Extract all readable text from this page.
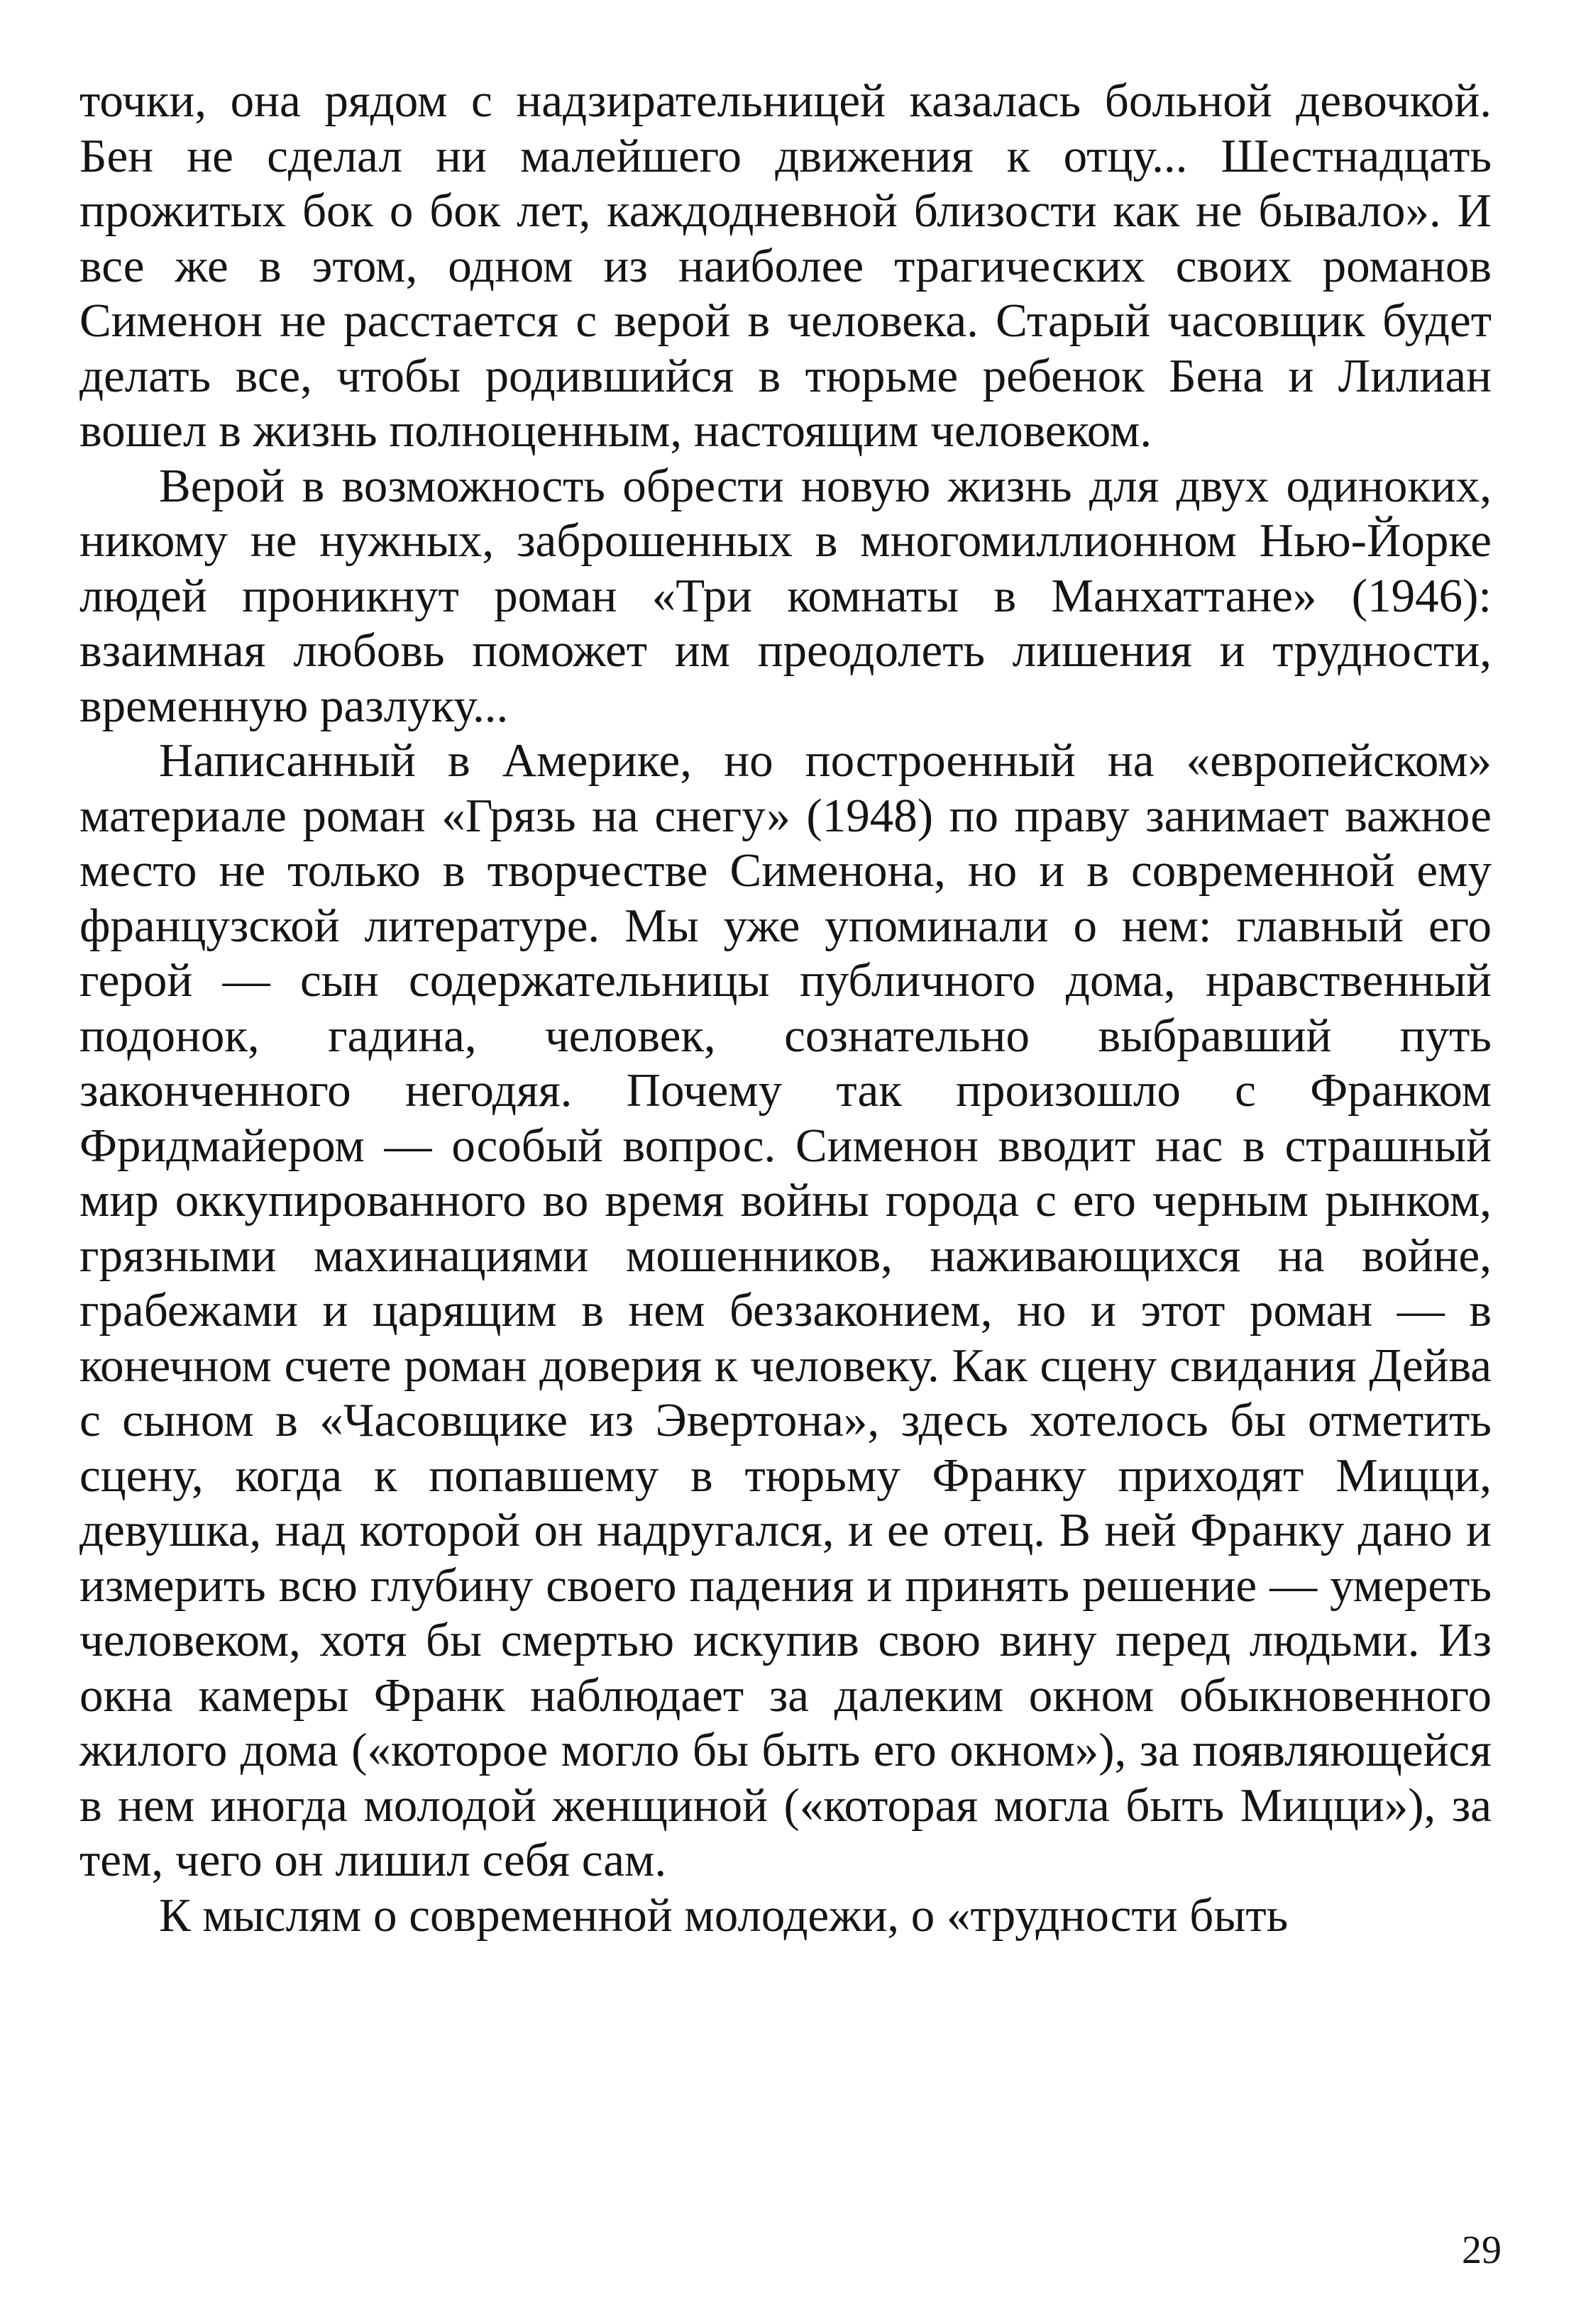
точки, она рядом с надзирательницей казалась больной девочкой. Бен не сделал ни малейшего движения к отцу... Шестнадцать прожитых бок о бок лет, каждодневной близости как не бывало». И все же в этом, одном из наиболее трагических своих романов Сименон не расстается с верой в человека. Старый часовщик будет делать все, чтобы родившийся в тюрьме ребенок Бена и Лилиан вошел в жизнь полноценным, настоящим человеком.

Верой в возможность обрести новую жизнь для двух одиноких, никому не нужных, заброшенных в многомиллионном Нью-Йорке людей проникнут роман «Три комнаты в Манхаттане» (1946): взаимная любовь поможет им преодолеть лишения и трудности, временную разлуку...

Написанный в Америке, но построенный на «европейском» материале роман «Грязь на снегу» (1948) по праву занимает важное место не только в творчестве Сименона, но и в современной ему французской литературе. Мы уже упоминали о нем: главный его герой — сын содержательницы публичного дома, нравственный подонок, гадина, человек, сознательно выбравший путь законченного негодяя. Почему так произошло с Франком Фридмайером — особый вопрос. Сименон вводит нас в страшный мир оккупированного во время войны города с его черным рынком, грязными махинациями мошенников, наживающихся на войне, грабежами и царящим в нем беззаконием, но и этот роман — в конечном счете роман доверия к человеку. Как сцену свидания Дейва с сыном в «Часовщике из Эвертона», здесь хотелось бы отметить сцену, когда к попавшему в тюрьму Франку приходят Мицци, девушка, над которой он надругался, и ее отец. В ней Франку дано и измерить всю глубину своего падения и принять решение — умереть человеком, хотя бы смертью искупив свою вину перед людьми. Из окна камеры Франк наблюдает за далеким окном обыкновенного жилого дома («которое могло бы быть его окном»), за появляющейся в нем иногда молодой женщиной («которая могла быть Мицци»), за тем, чего он лишил себя сам.

К мыслям о современной молодежи, о «трудности быть

29
